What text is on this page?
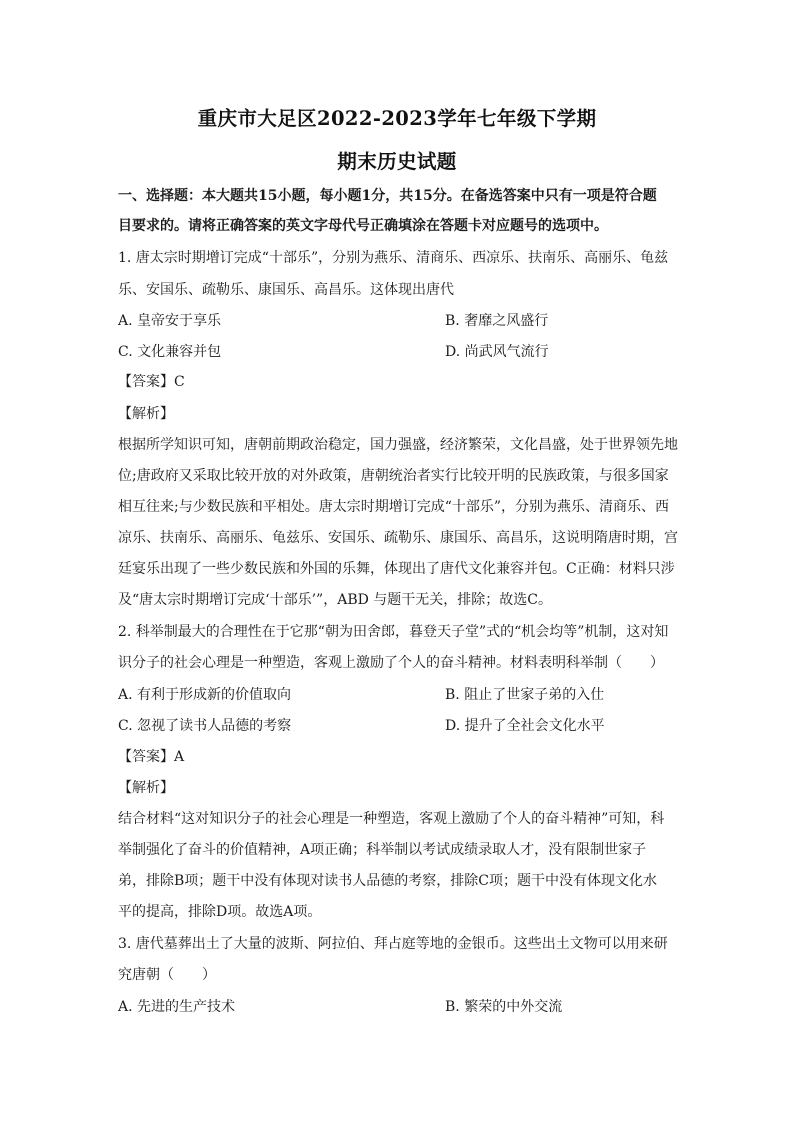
重庆市大足区2022-2023学年七年级下学期
期末历史试题
一、选择题：本大题共15小题，每小题1分，共15分。在备选答案中只有一项是符合题
目要求的。请将正确答案的英文字母代号正确填涂在答题卡对应题号的选项中。
1. 唐太宗时期增订完成“十部乐”，分别为燕乐、清商乐、西凉乐、扶南乐、高丽乐、龟兹
乐、安国乐、疏勒乐、康国乐、高昌乐。这体现出唐代
A. 皇帝安于享乐	B. 奢靡之风盛行
C. 文化兼容并包	D. 尚武风气流行
【答案】C
【解析】
根据所学知识可知，唐朝前期政治稳定，国力强盛，经济繁荣，文化昌盛，处于世界领先地
位;唐政府又采取比较开放的对外政策，唐朝统治者实行比较开明的民族政策，与很多国家
相互往来;与少数民族和平相处。唐太宗时期增订完成“十部乐”，分别为燕乐、清商乐、西
凉乐、扶南乐、高丽乐、龟兹乐、安国乐、疏勒乐、康国乐、高昌乐，这说明隋唐时期，宫
廷宴乐出现了一些少数民族和外国的乐舞，体现出了唐代文化兼容并包。C正确：材料只涉
及“唐太宗时期增订完成‘十部乐’”，ABD 与题干无关，排除；故选C。
2. 科举制最大的合理性在于它那“朝为田舍郎，暮登天子堂”式的“机会均等”机制，这对知
识分子的社会心理是一种塑造，客观上激励了个人的奋斗精神。材料表明科举制（　　）
A. 有利于形成新的价值取向	B. 阻止了世家子弟的入仕
C. 忽视了读书人品德的考察	D. 提升了全社会文化水平
【答案】A
【解析】
结合材料“这对知识分子的社会心理是一种塑造，客观上激励了个人的奋斗精神”可知，科
举制强化了奋斗的价值精神，A项正确；科举制以考试成绩录取人才，没有限制世家子
弟，排除B项；题干中没有体现对读书人品德的考察，排除C项；题干中没有体现文化水
平的提高，排除D项。故选A项。
3. 唐代墓葬出土了大量的波斯、阿拉伯、拜占庭等地的金银币。这些出土文物可以用来研
究唐朝（　　）
A. 先进的生产技术	B. 繁荣的中外交流
